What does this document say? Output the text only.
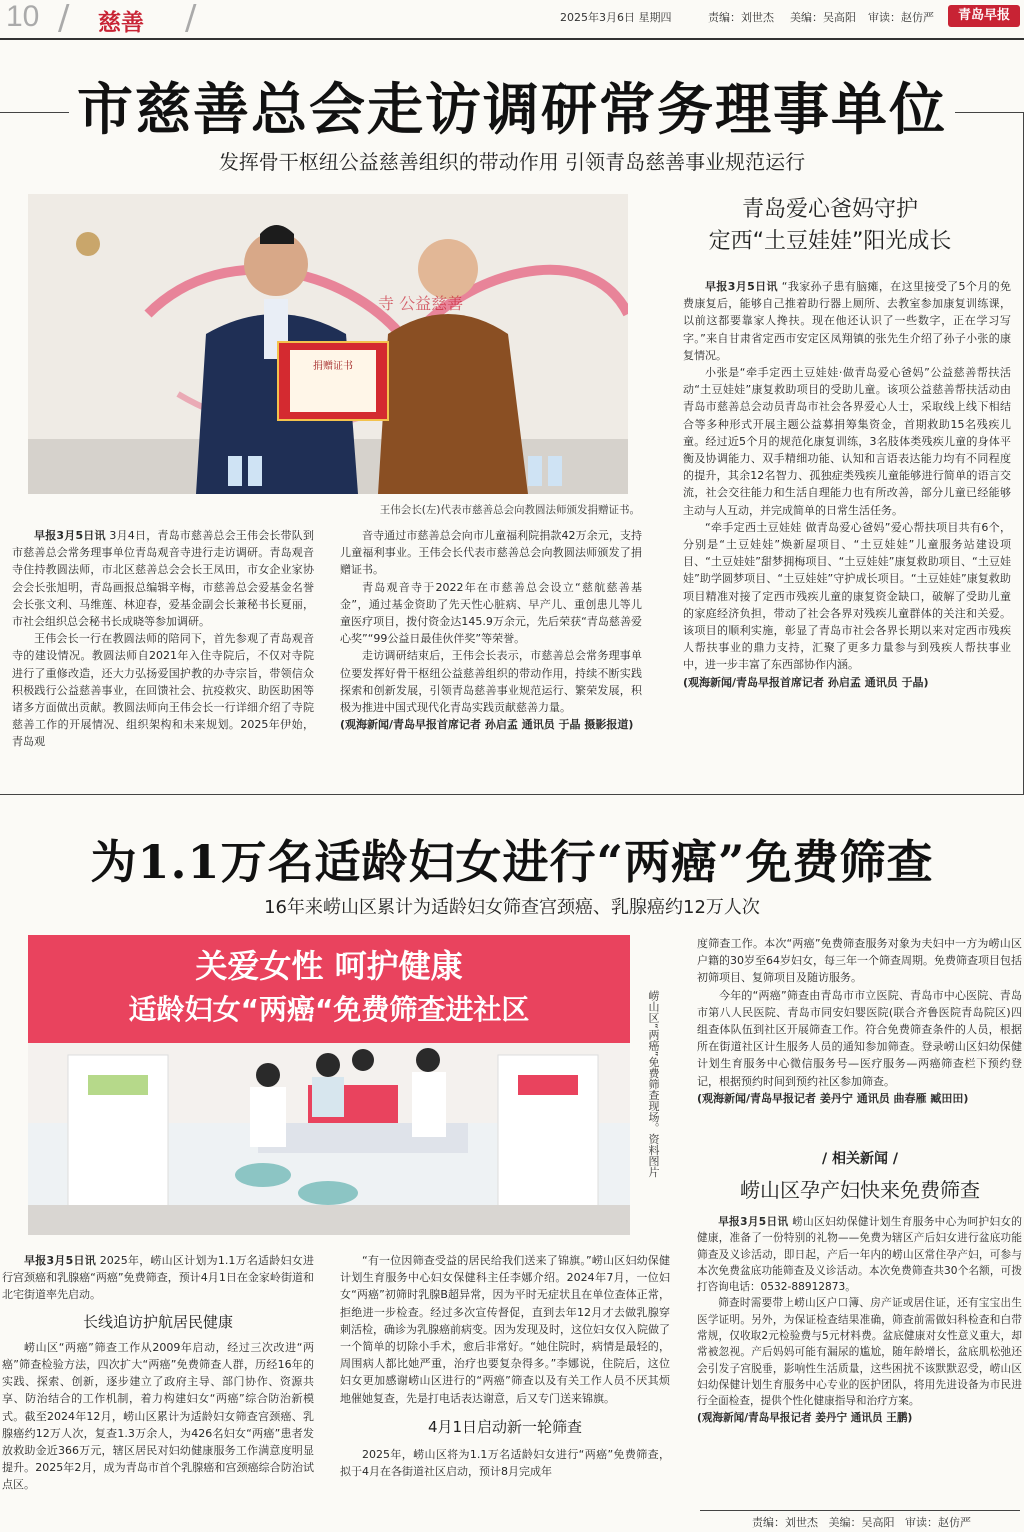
10 / 慈善 /	2025年3月6日 星期四	责编：刘世杰 美编：吴高阳 审读：赵仿严	青岛早报
市慈善总会走访调研常务理事单位
发挥骨干枢纽公益慈善组织的带动作用 引领青岛慈善事业规范运行
捐赠证书
寺 公益慈善
王伟会长(左)代表市慈善总会向教圆法师颁发捐赠证书。

早报3月5日讯 3月4日，青岛市慈善总会王伟会长带队到市慈善总会常务理事单位青岛观音寺进行走访调研。青岛观音寺住持教圆法师，市北区慈善总会会长王凤田，市女企业家协会会长张旭明，青岛画报总编辑辛梅，市慈善总会爱基金名誉会长张文利、马维莲、林迎春，爱基金副会长兼秘书长夏丽，市社会组织总会秘书长成晓等参加调研。

王伟会长一行在教圆法师的陪同下，首先参观了青岛观音寺的建设情况。教圆法师自2021年入住寺院后，不仅对寺院进行了重修改造，还大力弘扬爱国护教的办寺宗旨，带领信众积极践行公益慈善事业，在回馈社会、抗疫救灾、助医助困等诸多方面做出贡献。教圆法师向王伟会长一行详细介绍了寺院慈善工作的开展情况、组织架构和未来规划。2025年伊始，青岛观

音寺通过市慈善总会向市儿童福利院捐款42万余元，支持儿童福利事业。王伟会长代表市慈善总会向教圆法师颁发了捐赠证书。

青岛观音寺于2022年在市慈善总会设立“慈航慈善基金”，通过基金资助了先天性心脏病、早产儿、重创患儿等儿童医疗项目，拨付资金达145.9万余元，先后荣获“青岛慈善爱心奖”“99公益日最佳伙伴奖”等荣誉。

走访调研结束后，王伟会长表示，市慈善总会常务理事单位要发挥好骨干枢纽公益慈善组织的带动作用，持续不断实践探索和创新发展，引领青岛慈善事业规范运行、繁荣发展，积极为推进中国式现代化青岛实践贡献慈善力量。

(观海新闻/青岛早报首席记者 孙启孟 通讯员 于晶 摄影报道)

青岛爱心爸妈守护
定西“土豆娃娃”阳光成长

早报3月5日讯 “我家孙子患有脑瘫，在这里接受了5个月的免费康复后，能够自己推着助行器上厕所、去教室参加康复训练课，以前这都要靠家人搀扶。现在他还认识了一些数字，正在学习写字。”来自甘肃省定西市安定区凤翔镇的张先生介绍了孙子小张的康复情况。

小张是“牵手定西土豆娃娃·做青岛爱心爸妈”公益慈善帮扶活动“土豆娃娃”康复救助项目的受助儿童。该项公益慈善帮扶活动由青岛市慈善总会动员青岛市社会各界爱心人士，采取线上线下相结合等多种形式开展主题公益募捐筹集资金，首期救助15名残疾儿童。经过近5个月的规范化康复训练，3名肢体类残疾儿童的身体平衡及协调能力、双手精细功能、认知和言语表达能力均有不同程度的提升，其余12名智力、孤独症类残疾儿童能够进行简单的语言交流，社会交往能力和生活自理能力也有所改善，部分儿童已经能够主动与人互动，并完成简单的日常生活任务。

“牵手定西土豆娃娃 做青岛爱心爸妈”爱心帮扶项目共有6个，分别是“土豆娃娃”焕新屋项目、“土豆娃娃”儿童服务站建设项目、“土豆娃娃”甜梦拥梅项目、“土豆娃娃”康复救助项目、“土豆娃娃”助学圆梦项目、“土豆娃娃”守护成长项目。“土豆娃娃”康复救助项目精准对接了定西市残疾儿童的康复资金缺口，破解了受助儿童的家庭经济负担，带动了社会各界对残疾儿童群体的关注和关爱。该项目的顺利实施，彰显了青岛市社会各界长期以来对定西市残疾人帮扶事业的鼎力支持，汇聚了更多力量参与到残疾人帮扶事业中，进一步丰富了东西部协作内涵。

(观海新闻/青岛早报首席记者 孙启孟 通讯员 于晶)

为1.1万名适龄妇女进行“两癌”免费筛查
16年来崂山区累计为适龄妇女筛查宫颈癌、乳腺癌约12万人次
关爱女性 呵护健康
适龄妇女“两癌“免费筛查进社区	崂山区“两癌”免费筛查现场。资料图片

早报3月5日讯 2025年，崂山区计划为1.1万名适龄妇女进行宫颈癌和乳腺癌“两癌”免费筛查，预计4月1日在金家岭街道和北宅街道率先启动。

长线追访护航居民健康

崂山区“两癌”筛查工作从2009年启动，经过三次改进“两癌”筛查检验方法，四次扩大“两癌”免费筛查人群，历经16年的实践、探索、创新，逐步建立了政府主导、部门协作、资源共享、防治结合的工作机制，着力构建妇女“两癌”综合防治新模式。截至2024年12月，崂山区累计为适龄妇女筛查宫颈癌、乳腺癌约12万人次，复查1.3万余人，为426名妇女“两癌”患者发放救助金近366万元，辖区居民对妇幼健康服务工作满意度明显提升。2025年2月，成为青岛市首个乳腺癌和宫颈癌综合防治试点区。

“有一位因筛查受益的居民给我们送来了锦旗。”崂山区妇幼保健计划生育服务中心妇女保健科主任李娜介绍。2024年7月，一位妇女“两癌”初筛时乳腺B超异常，因为平时无症状且在单位查体正常，拒绝进一步检查。经过多次宣传督促，直到去年12月才去做乳腺穿刺活检，确诊为乳腺癌前病变。因为发现及时，这位妇女仅入院做了一个简单的切除小手术，愈后非常好。“她住院时，病情是最轻的，周围病人都比她严重，治疗也要复杂得多。”李娜说，住院后，这位妇女更加感谢崂山区进行的“两癌”筛查以及有关工作人员不厌其烦地催她复查，先是打电话表达谢意，后又专门送来锦旗。

4月1日启动新一轮筛查

2025年，崂山区将为1.1万名适龄妇女进行“两癌”免费筛查，拟于4月在各街道社区启动，预计8月完成年

度筛查工作。本次“两癌”免费筛查服务对象为夫妇中一方为崂山区户籍的30岁至64岁妇女，每三年一个筛查周期。免费筛查项目包括初筛项目、复筛项目及随访服务。

今年的“两癌”筛查由青岛市市立医院、青岛市中心医院、青岛市第八人民医院、青岛市同安妇婴医院(联合齐鲁医院青岛院区)四组查体队伍到社区开展筛查工作。符合免费筛查条件的人员，根据所在街道社区计生服务人员的通知参加筛查。登录崂山区妇幼保健计划生育服务中心微信服务号—医疗服务—两癌筛查栏下预约登记，根据预约时间到预约社区参加筛查。

(观海新闻/青岛早报记者 姜丹宁 通讯员 曲春雁 臧田田)

/ 相关新闻 /
崂山区孕产妇快来免费筛查

早报3月5日讯 崂山区妇幼保健计划生育服务中心为呵护妇女的健康，准备了一份特别的礼物——免费为辖区产后妇女进行盆底功能筛查及义诊活动，即日起，产后一年内的崂山区常住孕产妇，可参与本次免费盆底功能筛查及义诊活动。本次免费筛查共30个名额，可拨打咨询电话：0532-88912873。

筛查时需要带上崂山区户口簿、房产证或居住证，还有宝宝出生医学证明。另外，为保证检查结果准确，筛查前需做妇科检查和白带常规，仅收取2元检验费与5元材料费。盆底健康对女性意义重大，却常被忽视。产后妈妈可能有漏尿的尴尬，随年龄增长，盆底肌松弛还会引发子宫脱垂，影响性生活质量，这些困扰不该默默忍受，崂山区妇幼保健计划生育服务中心专业的医护团队，将用先进设备为市民进行全面检查，提供个性化健康指导和治疗方案。

(观海新闻/青岛早报记者 姜丹宁 通讯员 王鹏)

责编：刘世杰 美编：吴高阳 审读：赵仿严
